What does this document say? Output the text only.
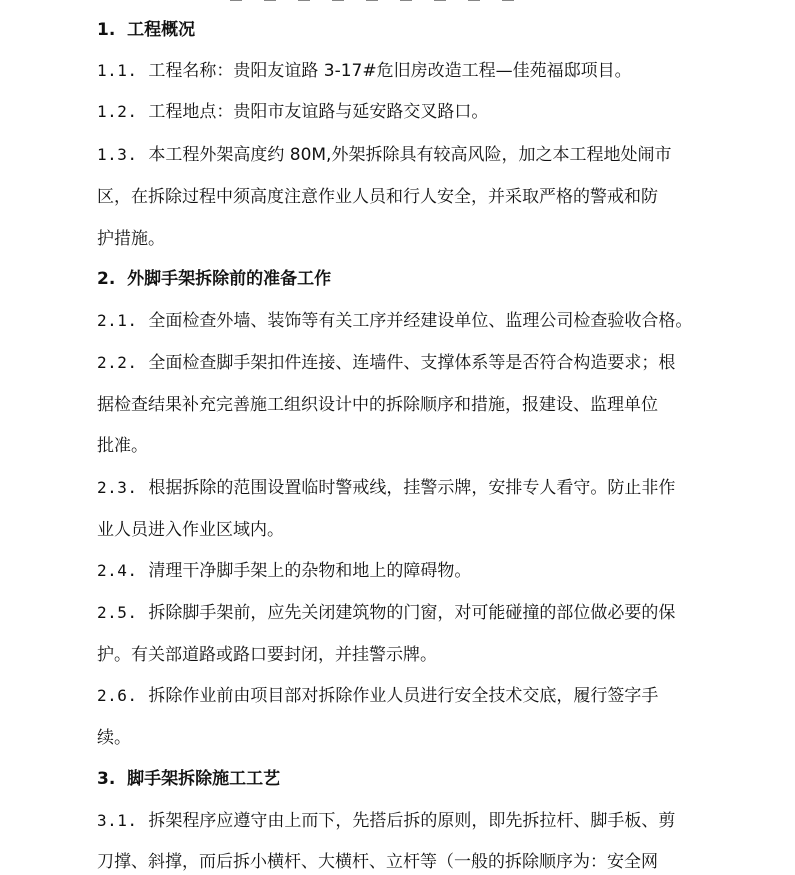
1. 工程概况
1.1. 工程名称：贵阳友谊路 3-17#危旧房改造工程—佳苑福邸项目。
1.2. 工程地点：贵阳市友谊路与延安路交叉路口。
1.3. 本工程外架高度约 80M,外架拆除具有较高风险，加之本工程地处闹市
区，在拆除过程中须高度注意作业人员和行人安全，并采取严格的警戒和防
护措施。
2. 外脚手架拆除前的准备工作
2.1. 全面检查外墙、装饰等有关工序并经建设单位、监理公司检查验收合格。
2.2. 全面检查脚手架扣件连接、连墙件、支撑体系等是否符合构造要求；根
据检查结果补充完善施工组织设计中的拆除顺序和措施，报建设、监理单位
批准。
2.3. 根据拆除的范围设置临时警戒线，挂警示牌，安排专人看守。防止非作
业人员进入作业区域内。
2.4. 清理干净脚手架上的杂物和地上的障碍物。
2.5. 拆除脚手架前，应先关闭建筑物的门窗，对可能碰撞的部位做必要的保
护。有关部道路或路口要封闭，并挂警示牌。
2.6. 拆除作业前由项目部对拆除作业人员进行安全技术交底，履行签字手
续。
3. 脚手架拆除施工工艺
3.1. 拆架程序应遵守由上而下，先搭后拆的原则，即先拆拉杆、脚手板、剪
刀撑、斜撑，而后拆小横杆、大横杆、立杆等（一般的拆除顺序为：安全网
